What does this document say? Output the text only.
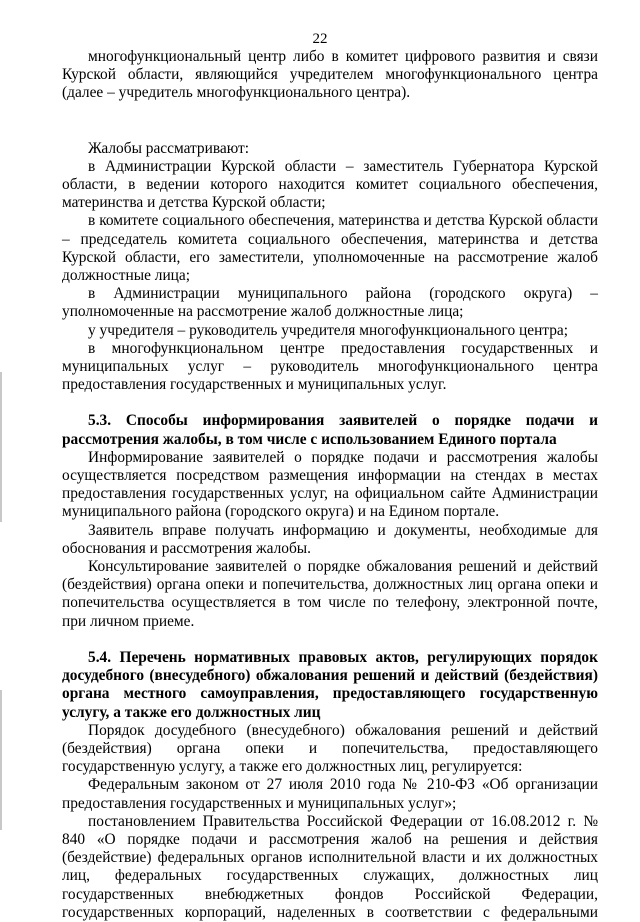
22

многофункциональный центр либо в комитет цифрового развития и связи Курской области, являющийся учредителем многофункционального центра (далее – учредитель многофункционального центра).

Жалобы рассматривают:

в Администрации Курской области – заместитель Губернатора Курской области, в ведении которого находится комитет социального обеспечения, материнства и детства Курской области;

в комитете социального обеспечения, материнства и детства Курской области – председатель комитета социального обеспечения, материнства и детства Курской области, его заместители, уполномоченные на рассмотрение жалоб должностные лица;

в Администрации муниципального района (городского округа) – уполномоченные на рассмотрение жалоб должностные лица;

у учредителя – руководитель учредителя многофункционального центра;

в многофункциональном центре предоставления государственных и муниципальных услуг – руководитель многофункционального центра предоставления государственных и муниципальных услуг.

5.3. Способы информирования заявителей о порядке подачи и рассмотрения жалобы, в том числе с использованием Единого портала

Информирование заявителей о порядке подачи и рассмотрения жалобы осуществляется посредством размещения информации на стендах в местах предоставления государственных услуг, на официальном сайте Администрации муниципального района (городского округа) и на Едином портале.

Заявитель вправе получать информацию и документы, необходимые для обоснования и рассмотрения жалобы.

Консультирование заявителей о порядке обжалования решений и действий (бездействия) органа опеки и попечительства, должностных лиц органа опеки и попечительства осуществляется в том числе по телефону, электронной почте, при личном приеме.

5.4. Перечень нормативных правовых актов, регулирующих порядок досудебного (внесудебного) обжалования решений и действий (бездействия) органа местного самоуправления, предоставляющего государственную услугу, а также его должностных лиц

Порядок досудебного (внесудебного) обжалования решений и действий (бездействия) органа опеки и попечительства, предоставляющего государственную услугу, а также его должностных лиц, регулируется:

Федеральным законом от 27 июля 2010 года № 210-ФЗ «Об организации предоставления государственных и муниципальных услуг»;

постановлением Правительства Российской Федерации от 16.08.2012 г. № 840 «О порядке подачи и рассмотрения жалоб на решения и действия (бездействие) федеральных органов исполнительной власти и их должностных лиц, федеральных государственных служащих, должностных лиц государственных внебюджетных фондов Российской Федерации, государственных корпораций, наделенных в соответствии с федеральными
